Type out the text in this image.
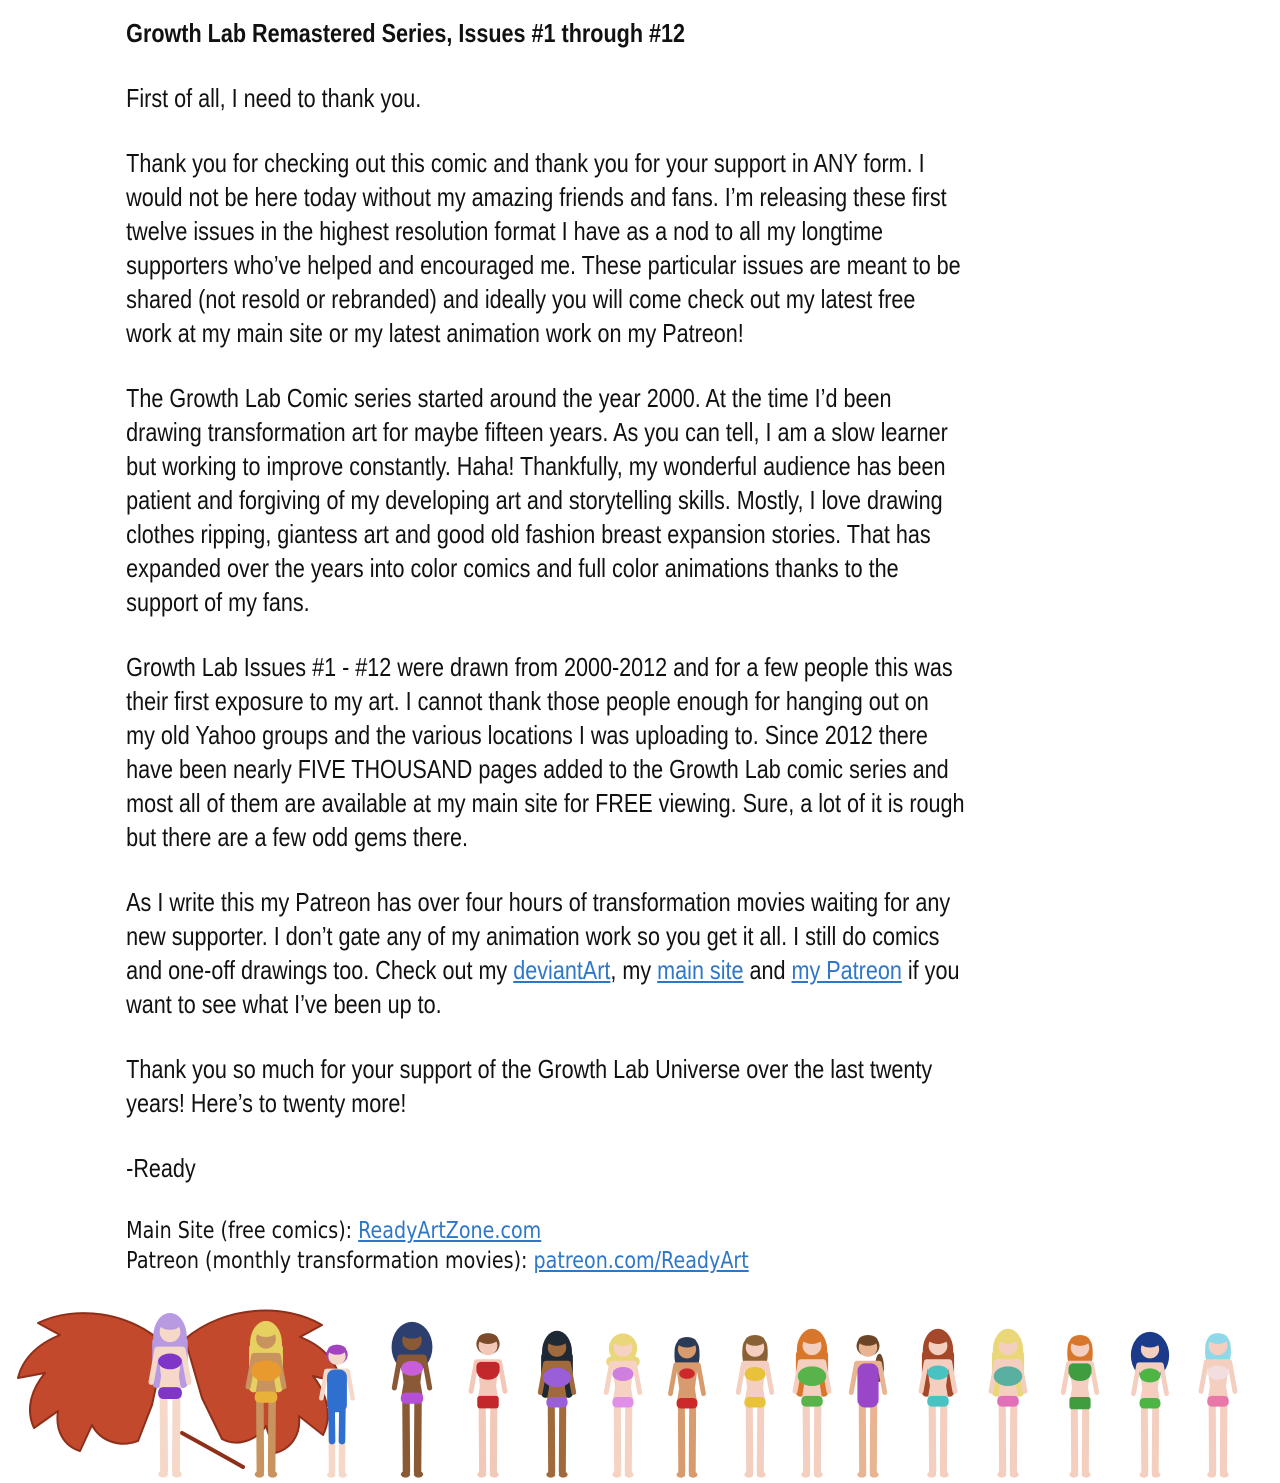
Growth Lab Remastered Series, Issues #1 through #12
First of all, I need to thank you.
Thank you for checking out this comic and thank you for your support in ANY form. I
would not be here today without my amazing friends and fans. I’m releasing these first
twelve issues in the highest resolution format I have as a nod to all my longtime
supporters who’ve helped and encouraged me. These particular issues are meant to be
shared (not resold or rebranded) and ideally you will come check out my latest free
work at my main site or my latest animation work on my Patreon!
The Growth Lab Comic series started around the year 2000. At the time I’d been
drawing transformation art for maybe fifteen years. As you can tell, I am a slow learner
but working to improve constantly. Haha! Thankfully, my wonderful audience has been
patient and forgiving of my developing art and storytelling skills. Mostly, I love drawing
clothes ripping, giantess art and good old fashion breast expansion stories. That has
expanded over the years into color comics and full color animations thanks to the
support of my fans.
Growth Lab Issues #1 - #12 were drawn from 2000-2012 and for a few people this was
their first exposure to my art. I cannot thank those people enough for hanging out on
my old Yahoo groups and the various locations I was uploading to. Since 2012 there
have been nearly FIVE THOUSAND pages added to the Growth Lab comic series and
most all of them are available at my main site for FREE viewing. Sure, a lot of it is rough
but there are a few odd gems there.
As I write this my Patreon has over four hours of transformation movies waiting for any
new supporter. I don’t gate any of my animation work so you get it all. I still do comics
and one-off drawings too. Check out my deviantArt, my main site and my Patreon if you
want to see what I’ve been up to.
Thank you so much for your support of the Growth Lab Universe over the last twenty
years! Here’s to twenty more!
-Ready
Main Site (free comics): ReadyArtZone.com
Patreon (monthly transformation movies): patreon.com/ReadyArt
